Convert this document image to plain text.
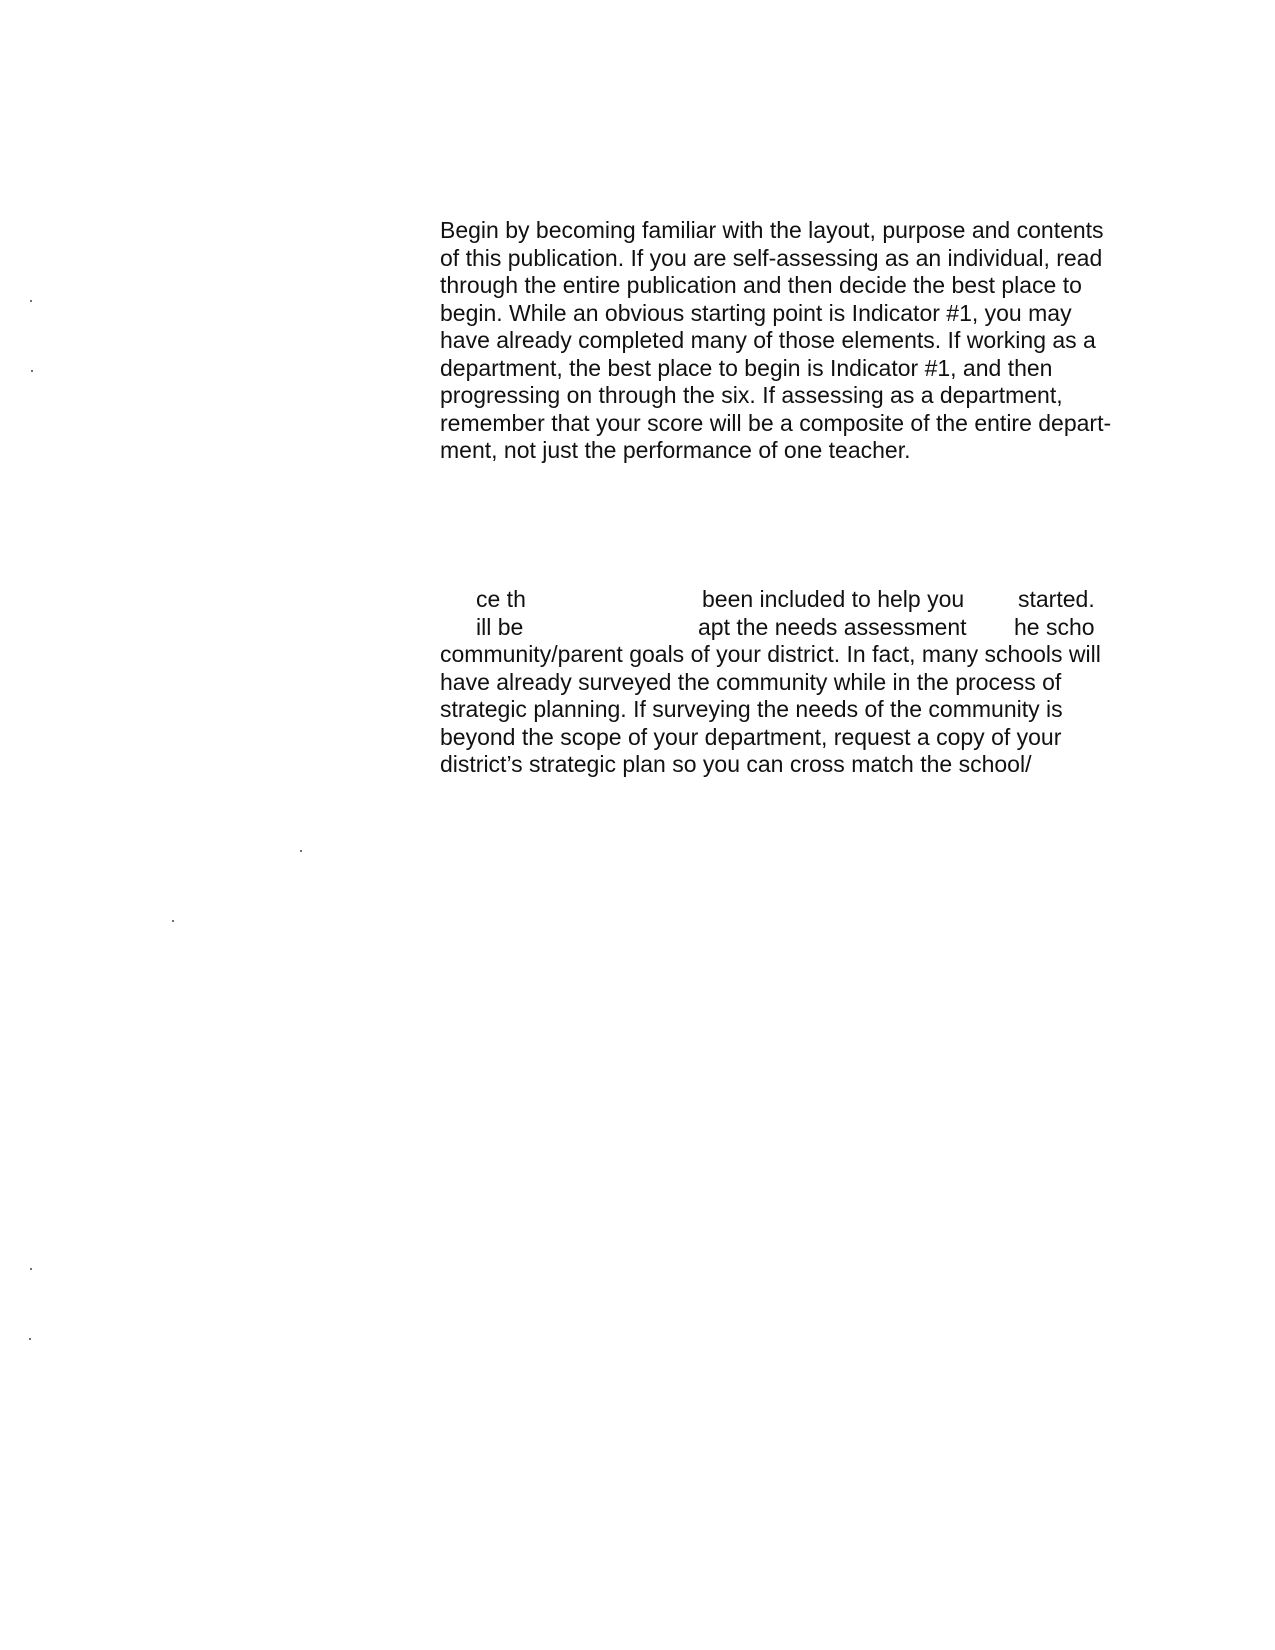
Begin by becoming familiar with the layout, purpose and contents
of this publication. If you are self-assessing as an individual, read
through the entire publication and then decide the best place to
begin. While an obvious starting point is Indicator #1, you may
have already completed many of those elements. If working as a
department, the best place to begin is Indicator #1, and then
progressing on through the six. If assessing as a department,
remember that your score will be a composite of the entire depart-
ment, not just the performance of one teacher.
ce th	been included to help you started.
ill be	apt the needs assessment he scho
community/parent goals of your district. In fact, many schools will
have already surveyed the community while in the process of
strategic planning. If surveying the needs of the community is
beyond the scope of your department, request a copy of your
district’s strategic plan so you can cross match the school/
